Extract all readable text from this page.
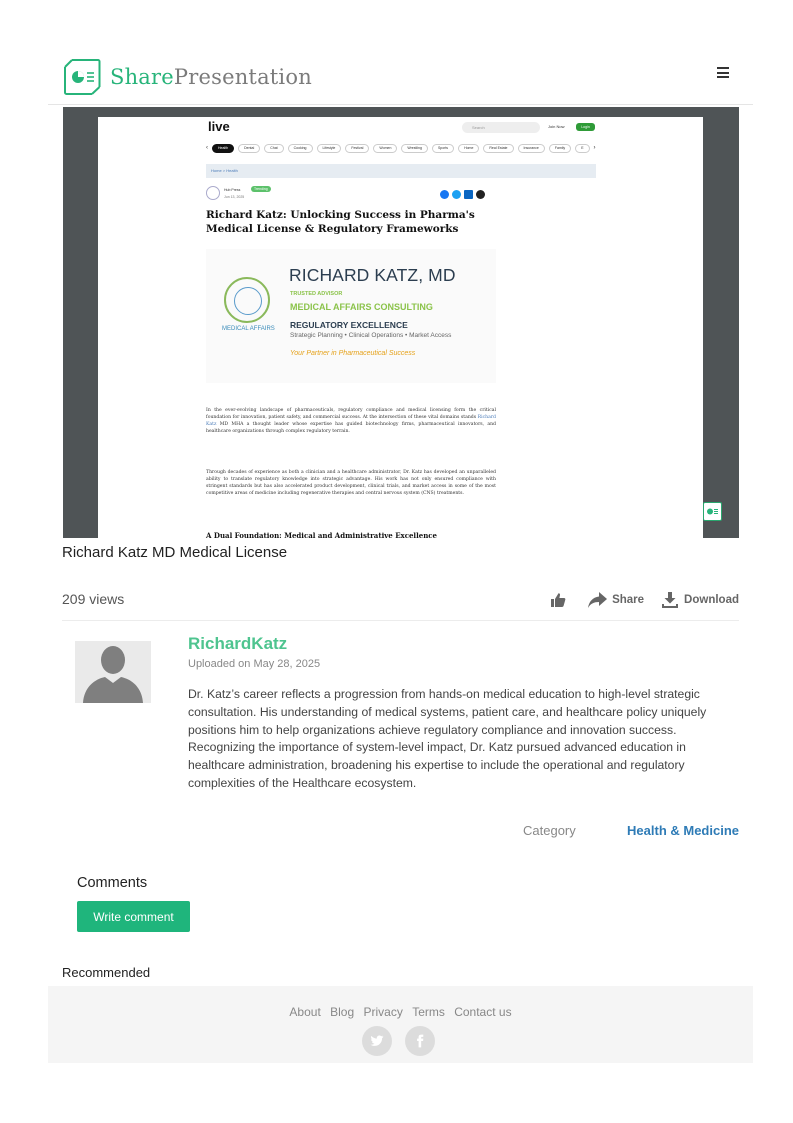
SharePresentation
live	Search	Join Now	Login
‹	Health	Dental	Chat	Cooking	Lifestyle	Festival	Women	Wrestling	Sports	Home	Real Estate	Insurance	Family	E	›
Home > Health
Hub Press	Trending
Jun 13, 2025
Richard Katz: Unlocking Success in Pharma's Medical License & Regulatory Frameworks
MEDICAL AFFAIRS
RICHARD KATZ, MD
TRUSTED ADVISOR
MEDICAL AFFAIRS CONSULTING
REGULATORY EXCELLENCE
Strategic Planning • Clinical Operations • Market Access
Your Partner in Pharmaceutical Success
In the ever-evolving landscape of pharmaceuticals, regulatory compliance and medical licensing form the critical foundation for innovation, patient safety, and commercial success. At the intersection of these vital domains stands Richard Katz MD MHA a thought leader whose expertise has guided biotechnology firms, pharmaceutical innovators, and healthcare organizations through complex regulatory terrain.
Through decades of experience as both a clinician and a healthcare administrator, Dr. Katz has developed an unparalleled ability to translate regulatory knowledge into strategic advantage. His work has not only ensured compliance with stringent standards but has also accelerated product development, clinical trials, and market access in some of the most competitive areas of medicine including regenerative therapies and central nervous system (CNS) treatments.
A Dual Foundation: Medical and Administrative Excellence
Richard Katz MD Medical License
209 views	Share	Download
RichardKatz
Uploaded on May 28, 2025
Dr. Katz’s career reflects a progression from hands-on medical education to high-level strategic consultation. His understanding of medical systems, patient care, and healthcare policy uniquely positions him to help organizations achieve regulatory compliance and innovation success. Recognizing the importance of system-level impact, Dr. Katz pursued advanced education in healthcare administration, broadening his expertise to include the operational and regulatory complexities of the Healthcare ecosystem.
Category	Health & Medicine
Comments
Write comment
Recommended
About Blog Privacy Terms Contact us
